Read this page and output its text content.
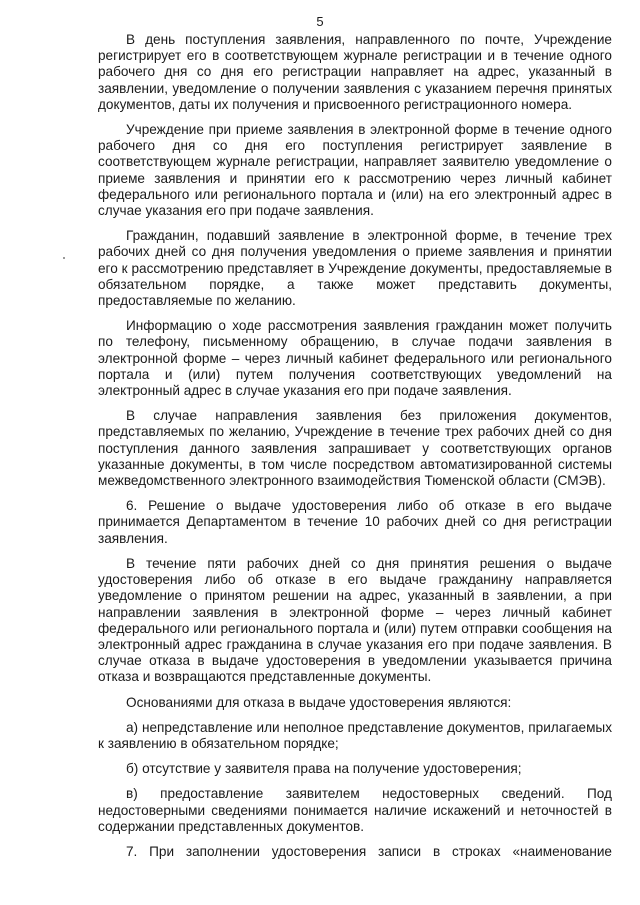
5

В день поступления заявления, направленного по почте, Учреждение регистрирует его в соответствующем журнале регистрации и в течение одного рабочего дня со дня его регистрации направляет на адрес, указанный в заявлении, уведомление о получении заявления с указанием перечня принятых документов, даты их получения и присвоенного регистрационного номера.

Учреждение при приеме заявления в электронной форме в течение одного рабочего дня со дня его поступления регистрирует заявление в соответствующем журнале регистрации, направляет заявителю уведомление о приеме заявления и принятии его к рассмотрению через личный кабинет федерального или регионального портала и (или) на его электронный адрес в случае указания его при подаче заявления.

Гражданин, подавший заявление в электронной форме, в течение трех рабочих дней со дня получения уведомления о приеме заявления и принятии его к рассмотрению представляет в Учреждение документы, предоставляемые в обязательном порядке, а также может представить документы, предоставляемые по желанию.

Информацию о ходе рассмотрения заявления гражданин может получить по телефону, письменному обращению, в случае подачи заявления в электронной форме – через личный кабинет федерального или регионального портала и (или) путем получения соответствующих уведомлений на электронный адрес в случае указания его при подаче заявления.

В случае направления заявления без приложения документов, представляемых по желанию, Учреждение в течение трех рабочих дней со дня поступления данного заявления запрашивает у соответствующих органов указанные документы, в том числе посредством автоматизированной системы межведомственного электронного взаимодействия Тюменской области (СМЭВ).

6. Решение о выдаче удостоверения либо об отказе в его выдаче принимается Департаментом в течение 10 рабочих дней со дня регистрации заявления.

В течение пяти рабочих дней со дня принятия решения о выдаче удостоверения либо об отказе в его выдаче гражданину направляется уведомление о принятом решении на адрес, указанный в заявлении, а при направлении заявления в электронной форме – через личный кабинет федерального или регионального портала и (или) путем отправки сообщения на электронный адрес гражданина в случае указания его при подаче заявления. В случае отказа в выдаче удостоверения в уведомлении указывается причина отказа и возвращаются представленные документы.

Основаниями для отказа в выдаче удостоверения являются:

а) непредставление или неполное представление документов, прилагаемых к заявлению в обязательном порядке;

б) отсутствие у заявителя права на получение удостоверения;

в) предоставление заявителем недостоверных сведений. Под недостоверными сведениями понимается наличие искажений и неточностей в содержании представленных документов.

7. При заполнении удостоверения записи в строках «наименование
